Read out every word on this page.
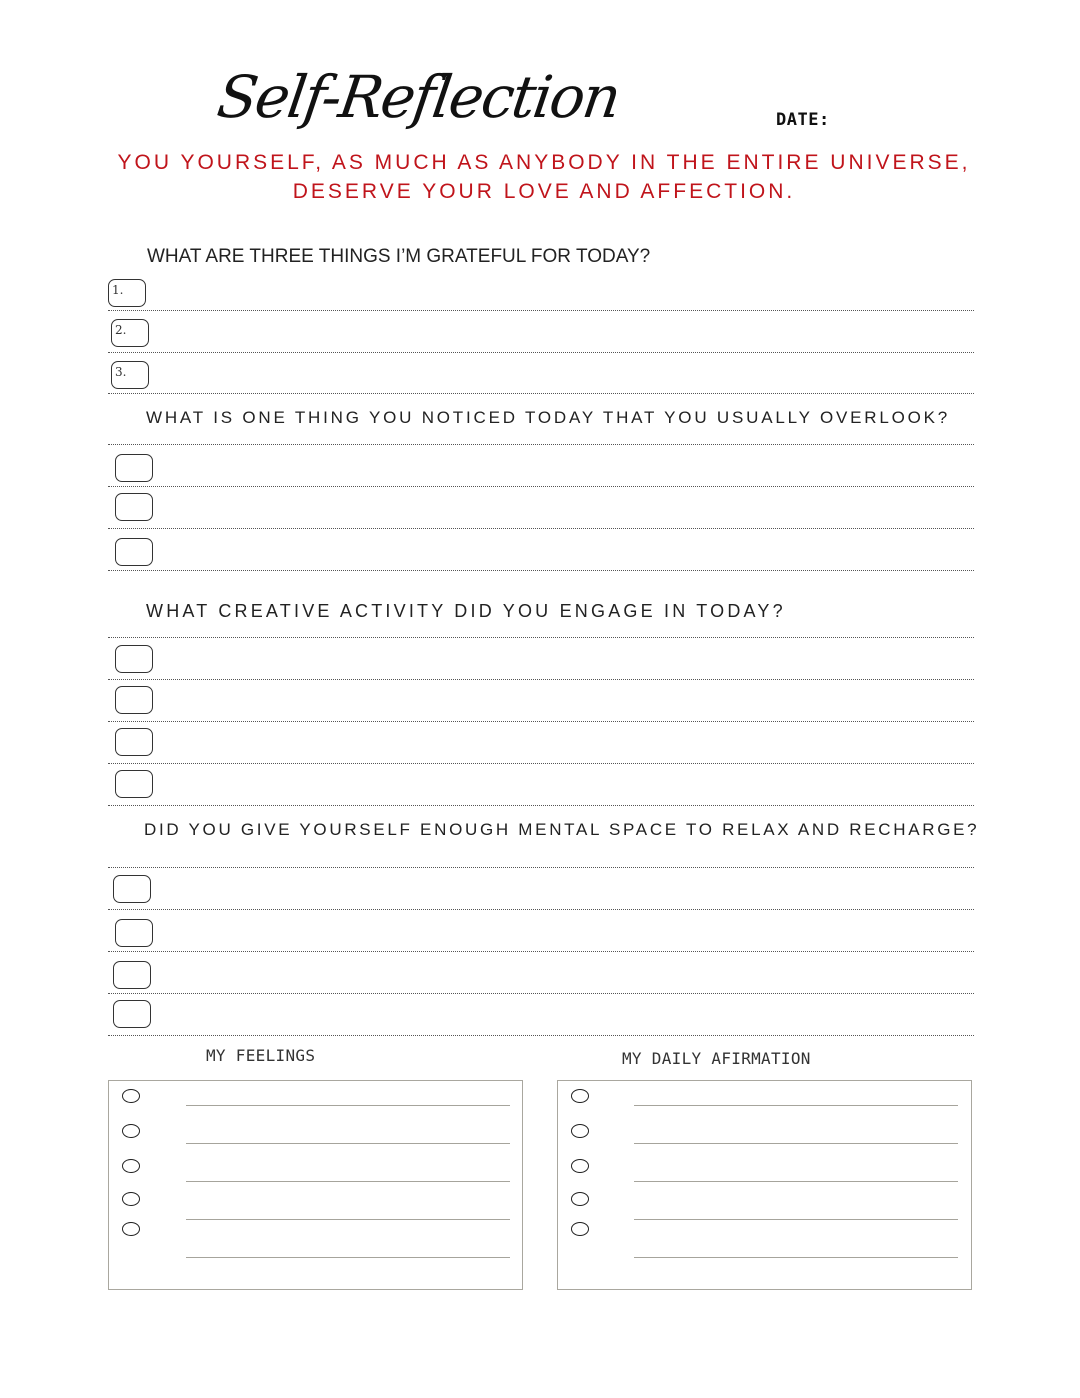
Self-Reflection	DATE:
YOU YOURSELF, AS MUCH AS ANYBODY IN THE ENTIRE UNIVERSE,
DESERVE YOUR LOVE AND AFFECTION.
WHAT ARE THREE THINGS I’M GRATEFUL FOR TODAY?
1.
2.
3.
WHAT IS ONE THING YOU NOTICED TODAY THAT YOU USUALLY OVERLOOK?
WHAT CREATIVE ACTIVITY DID YOU ENGAGE IN TODAY?
DID YOU GIVE YOURSELF ENOUGH MENTAL SPACE TO RELAX AND RECHARGE?
MY FEELINGS	MY DAILY AFIRMATION
